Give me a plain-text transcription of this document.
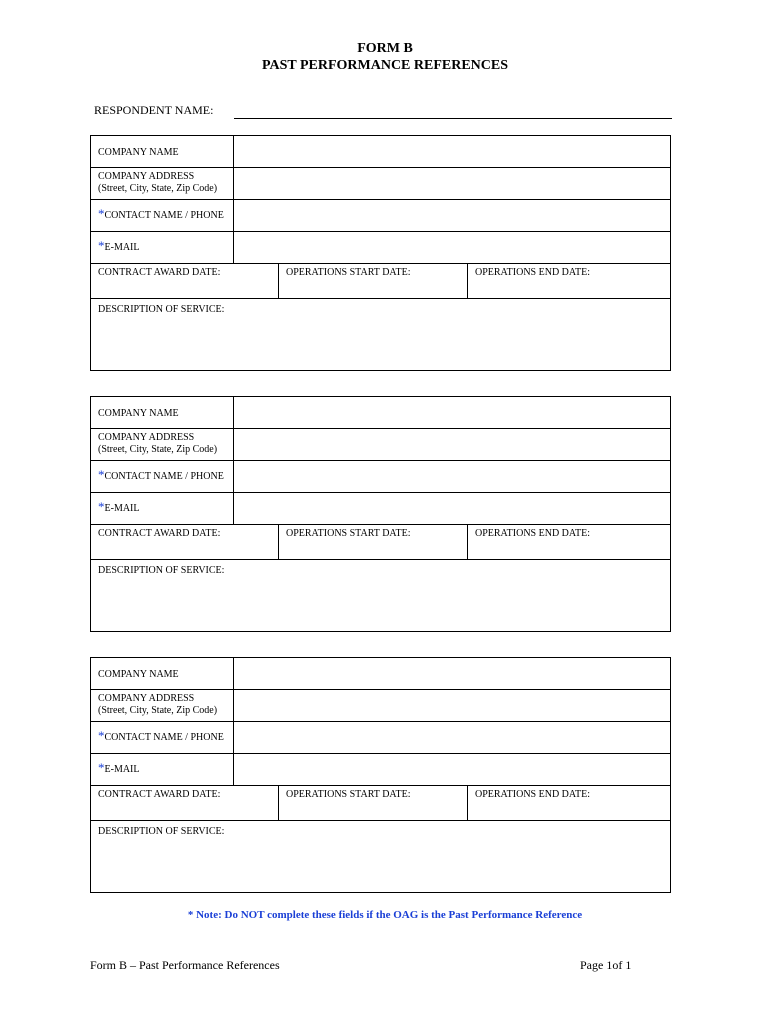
FORM B
PAST PERFORMANCE REFERENCES
RESPONDENT NAME:
COMPANY NAME
COMPANY ADDRESS
(Street, City, State, Zip Code)
*CONTACT NAME / PHONE
*E-MAIL
CONTRACT AWARD DATE:	OPERATIONS START DATE:	OPERATIONS END DATE:
DESCRIPTION OF SERVICE:
COMPANY NAME
COMPANY ADDRESS
(Street, City, State, Zip Code)
*CONTACT NAME / PHONE
*E-MAIL
CONTRACT AWARD DATE:	OPERATIONS START DATE:	OPERATIONS END DATE:
DESCRIPTION OF SERVICE:
COMPANY NAME
COMPANY ADDRESS
(Street, City, State, Zip Code)
*CONTACT NAME / PHONE
*E-MAIL
CONTRACT AWARD DATE:	OPERATIONS START DATE:	OPERATIONS END DATE:
DESCRIPTION OF SERVICE:
* Note: Do NOT complete these fields if the OAG is the Past Performance Reference
Form B – Past Performance References	Page 1of 1
